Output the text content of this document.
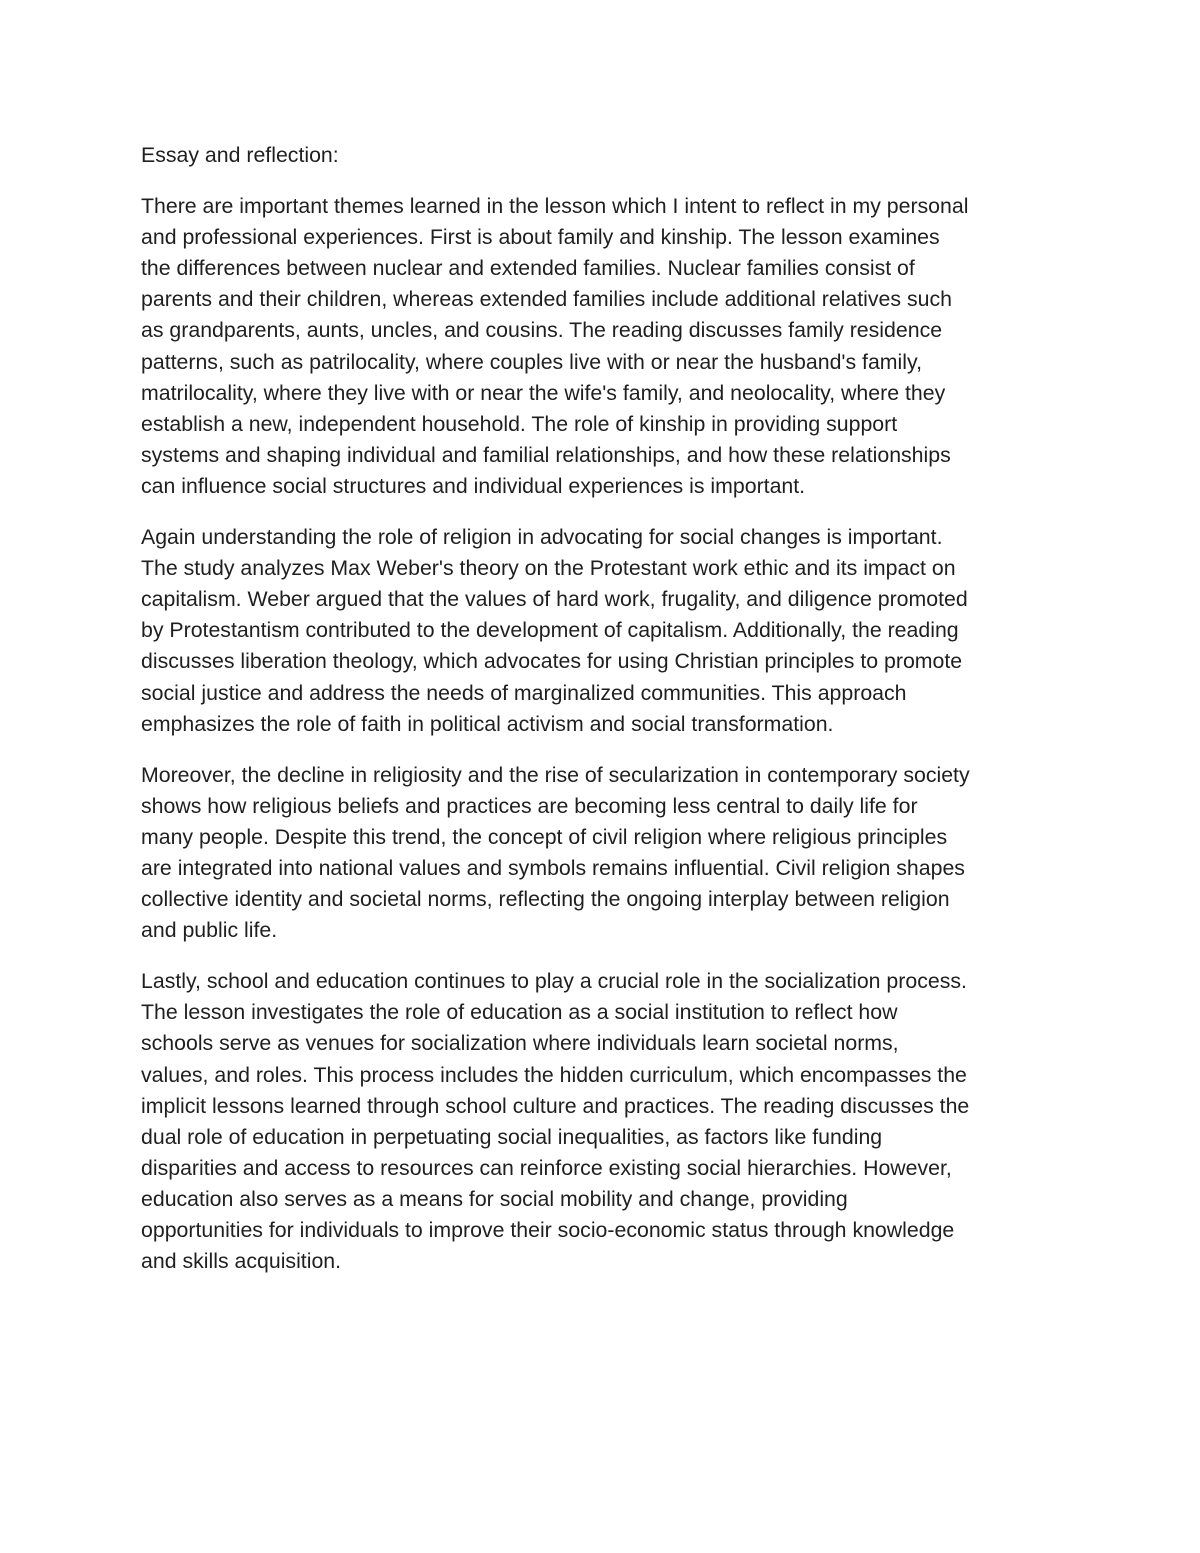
Essay and reflection:
There are important themes learned in the lesson which I intent to reflect in my personal
and professional experiences. First is about family and kinship. The lesson examines
the differences between nuclear and extended families. Nuclear families consist of
parents and their children, whereas extended families include additional relatives such
as grandparents, aunts, uncles, and cousins. The reading discusses family residence
patterns, such as patrilocality, where couples live with or near the husband's family,
matrilocality, where they live with or near the wife's family, and neolocality, where they
establish a new, independent household. The role of kinship in providing support
systems and shaping individual and familial relationships, and how these relationships
can influence social structures and individual experiences is important.
Again understanding the role of religion in advocating for social changes is important.
The study analyzes Max Weber's theory on the Protestant work ethic and its impact on
capitalism. Weber argued that the values of hard work, frugality, and diligence promoted
by Protestantism contributed to the development of capitalism. Additionally, the reading
discusses liberation theology, which advocates for using Christian principles to promote
social justice and address the needs of marginalized communities. This approach
emphasizes the role of faith in political activism and social transformation.
Moreover, the decline in religiosity and the rise of secularization in contemporary society
shows how religious beliefs and practices are becoming less central to daily life for
many people. Despite this trend, the concept of civil religion where religious principles
are integrated into national values and symbols remains influential. Civil religion shapes
collective identity and societal norms, reflecting the ongoing interplay between religion
and public life.
Lastly, school and education continues to play a crucial role in the socialization process.
The lesson investigates the role of education as a social institution to reflect how
schools serve as venues for socialization where individuals learn societal norms,
values, and roles. This process includes the hidden curriculum, which encompasses the
implicit lessons learned through school culture and practices. The reading discusses the
dual role of education in perpetuating social inequalities, as factors like funding
disparities and access to resources can reinforce existing social hierarchies. However,
education also serves as a means for social mobility and change, providing
opportunities for individuals to improve their socio-economic status through knowledge
and skills acquisition.
